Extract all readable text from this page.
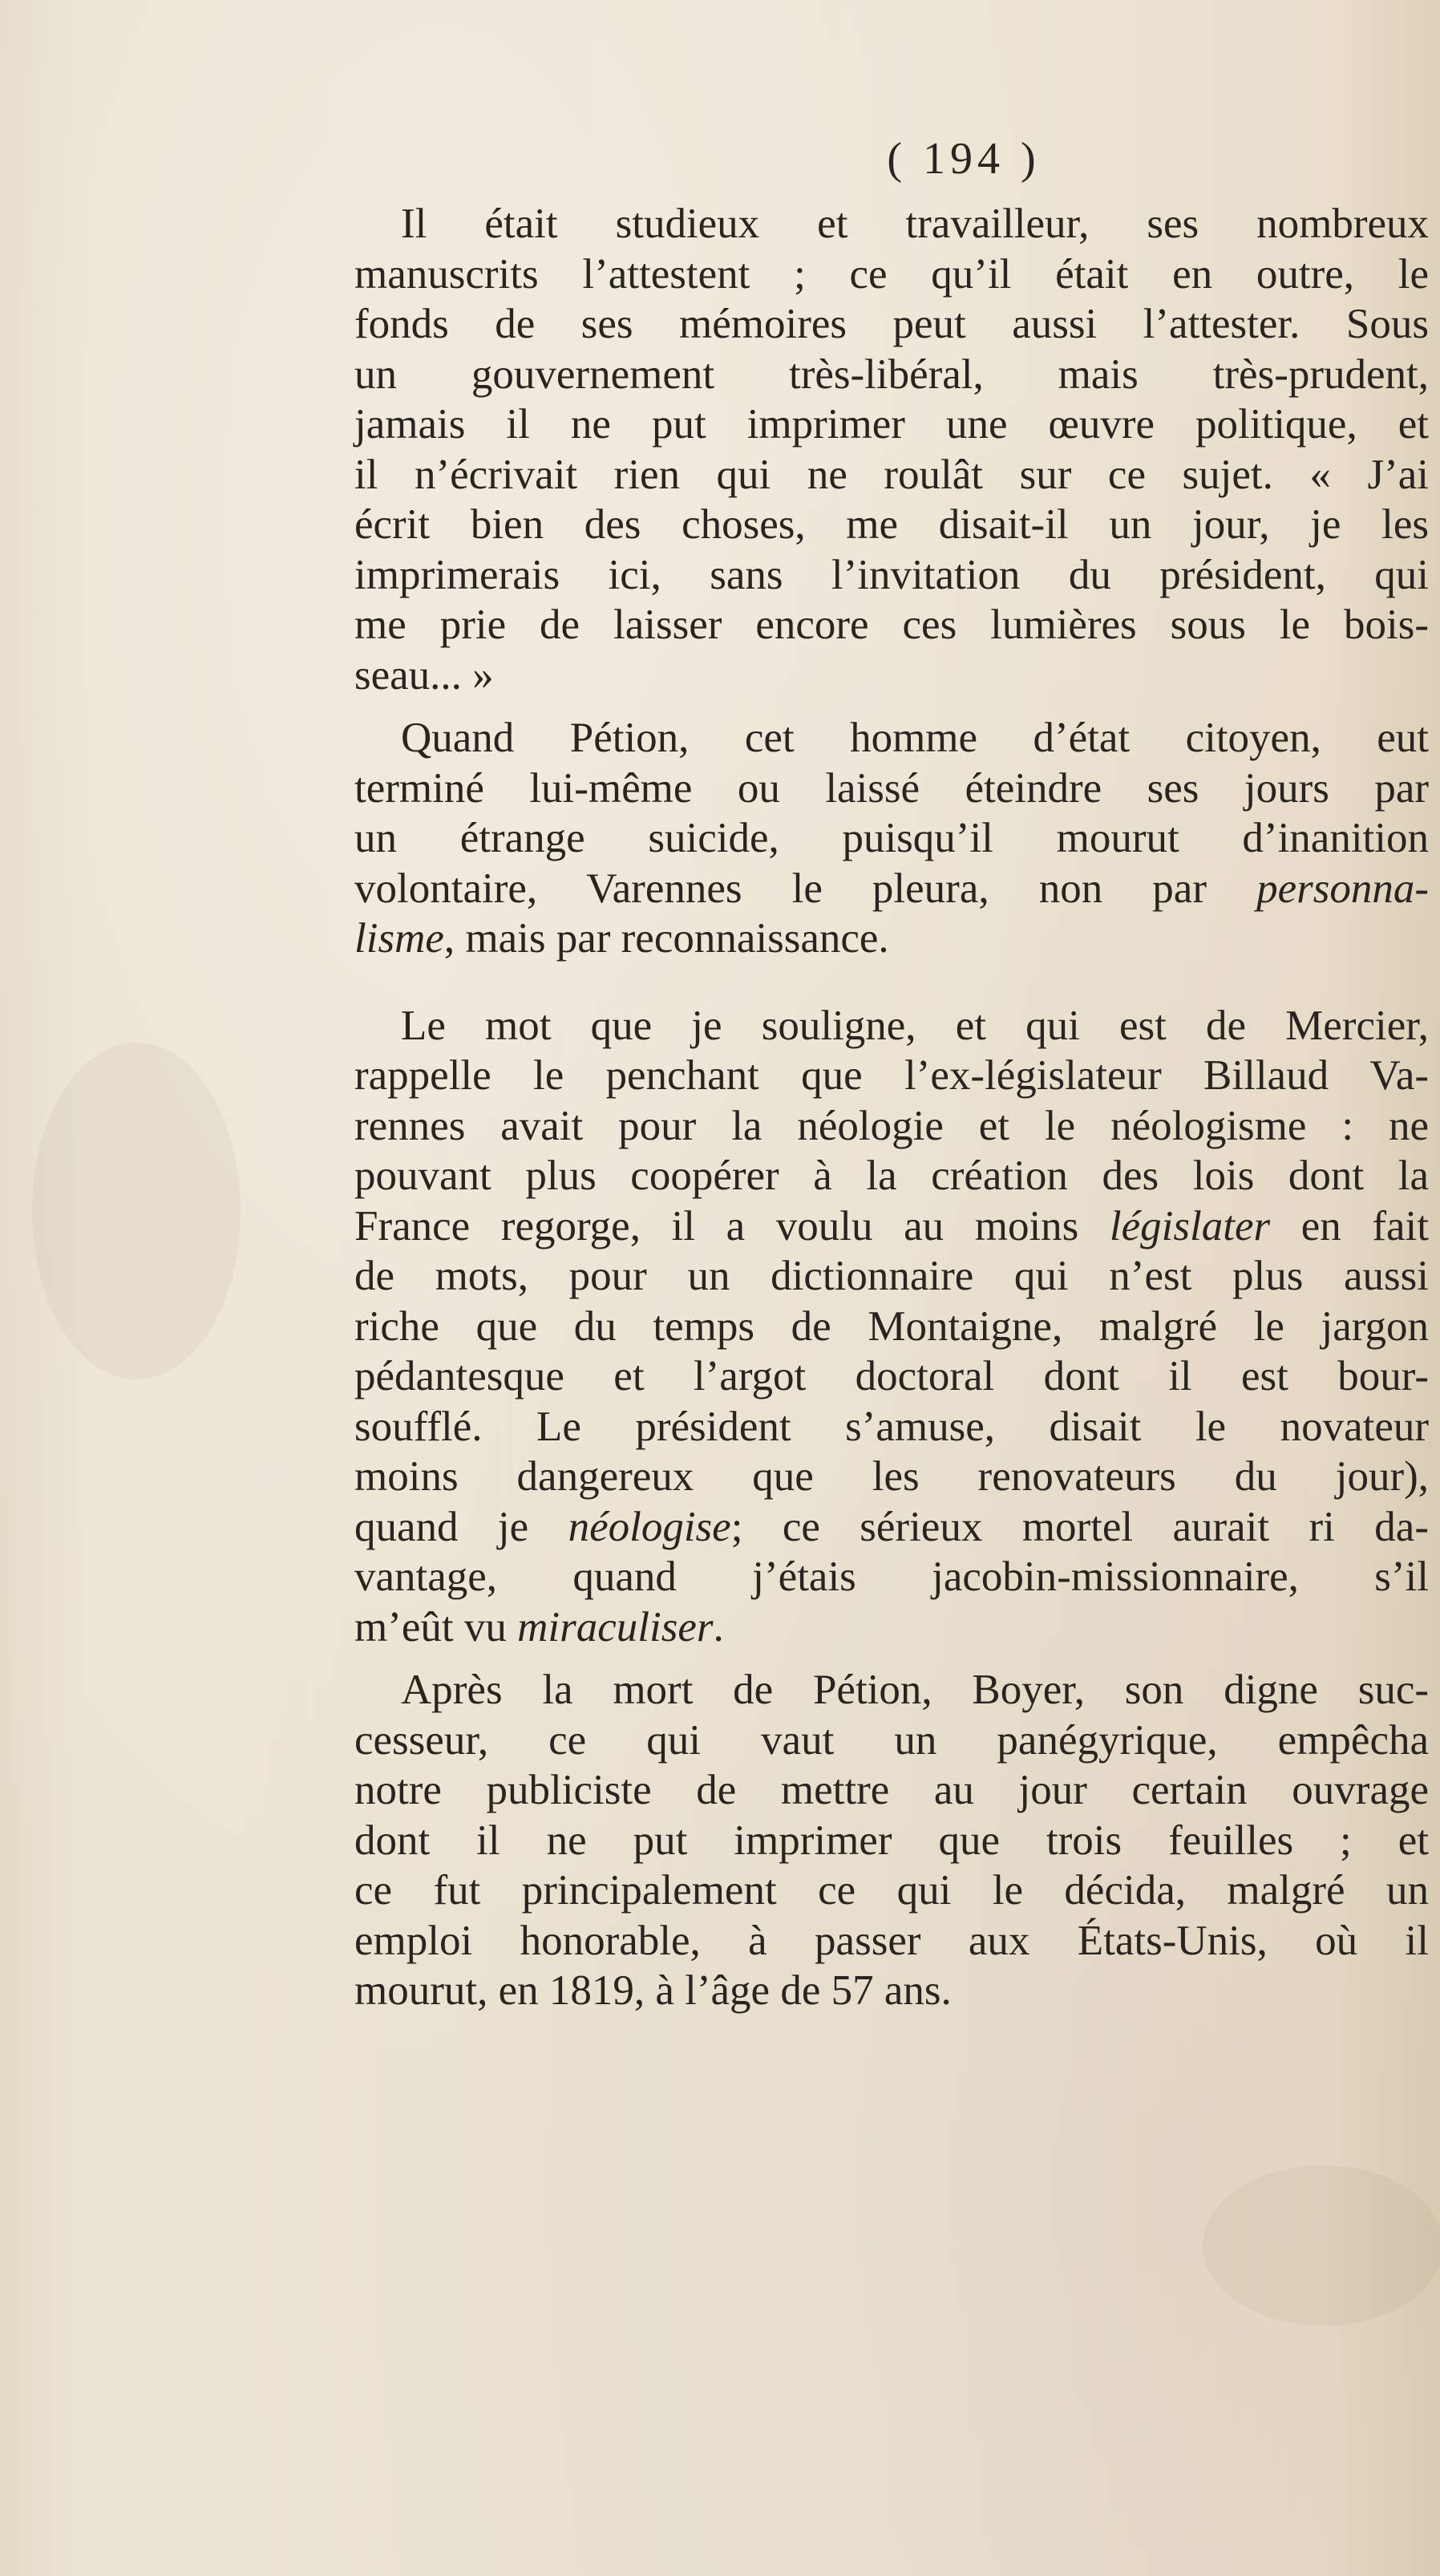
( 194 )
Il était studieux et travailleur, ses nombreux
manuscrits l’attestent ; ce qu’il était en outre, le
fonds de ses mémoires peut aussi l’attester. Sous
un gouvernement très-libéral, mais très-prudent,
jamais il ne put imprimer une œuvre politique, et
il n’écrivait rien qui ne roulât sur ce sujet. « J’ai
écrit bien des choses, me disait-il un jour, je les
imprimerais ici, sans l’invitation du président, qui
me prie de laisser encore ces lumières sous le bois-
seau... »
Quand Pétion, cet homme d’état citoyen, eut
terminé lui-même ou laissé éteindre ses jours par
un étrange suicide, puisqu’il mourut d’inanition
volontaire, Varennes le pleura, non par personna-
lisme, mais par reconnaissance.
Le mot que je souligne, et qui est de Mercier,
rappelle le penchant que l’ex-législateur Billaud Va-
rennes avait pour la néologie et le néologisme : ne
pouvant plus coopérer à la création des lois dont la
France regorge, il a voulu au moins législater en fait
de mots, pour un dictionnaire qui n’est plus aussi
riche que du temps de Montaigne, malgré le jargon
pédantesque et l’argot doctoral dont il est bour-
soufflé. Le président s’amuse, disait le novateur
moins dangereux que les renovateurs du jour),
quand je néologise; ce sérieux mortel aurait ri da-
vantage, quand j’étais jacobin-missionnaire, s’il
m’eût vu miraculiser.
Après la mort de Pétion, Boyer, son digne suc-
cesseur, ce qui vaut un panégyrique, empêcha
notre publiciste de mettre au jour certain ouvrage
dont il ne put imprimer que trois feuilles ; et
ce fut principalement ce qui le décida, malgré un
emploi honorable, à passer aux États-Unis, où il
mourut, en 1819, à l’âge de 57 ans.
